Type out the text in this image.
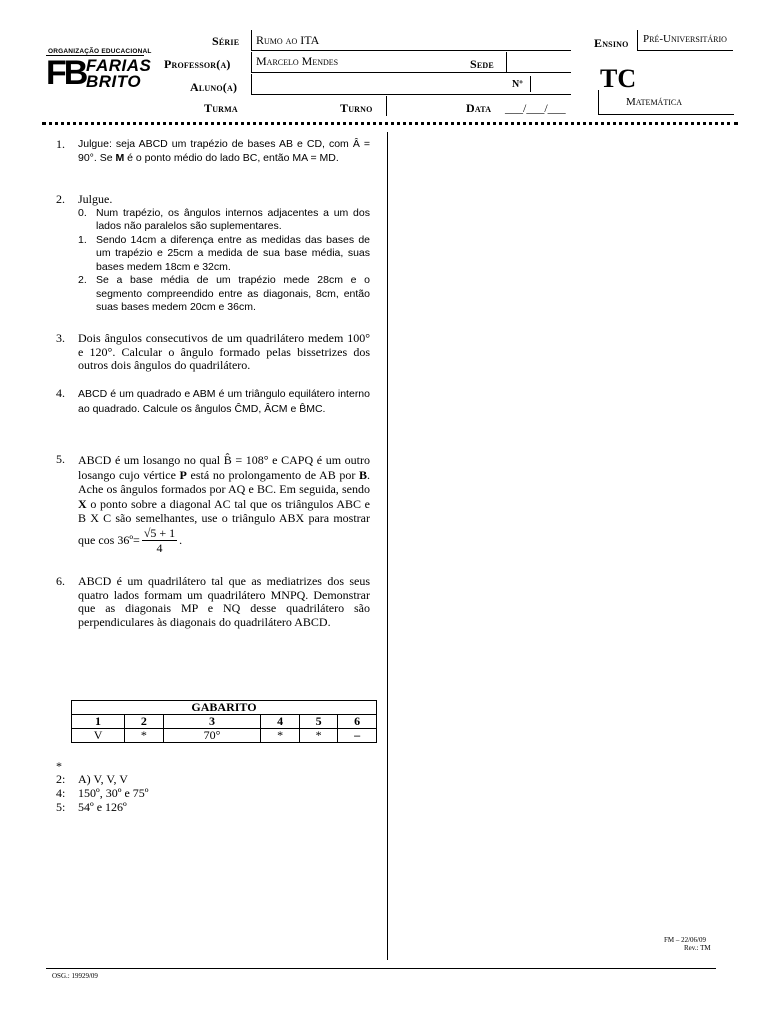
ORGANIZAÇÃO EDUCACIONAL
FB FARIAS
BRITO
Série Rumo ao ITA	Ensino Pré-Universitário
Professor(a) Marcelo Mendes	Sede
Aluno(a)	Nº
Turma	Turno	Data ___/___/___
TC
Matemática
1. Julgue: seja ABCD um trapézio de bases AB e CD, com Â = 90°. Se M é o ponto médio do lado BC, então MA = MD.
2. Julgue.
0. Num trapézio, os ângulos internos adjacentes a um dos lados não paralelos são suplementares.
1. Sendo 14cm a diferença entre as medidas das bases de um trapézio e 25cm a medida de sua base média, suas bases medem 18cm e 32cm.
2. Se a base média de um trapézio mede 28cm e o segmento compreendido entre as diagonais, 8cm, então suas bases medem 20cm e 36cm.
3. Dois ângulos consecutivos de um quadrilátero medem 100° e 120°. Calcular o ângulo formado pelas bissetrizes dos outros dois ângulos do quadrilátero.
4. ABCD é um quadrado e ABM é um triângulo equilátero interno ao quadrado. Calcule os ângulos ĈMD, ÂCM e B̂MC.
5. ABCD é um losango no qual B̂ = 108° e CAPQ é um outro losango cujo vértice P está no prolongamento de AB por B. Ache os ângulos formados por AQ e BC. Em seguida, sendo X o ponto sobre a diagonal AC tal que os triângulos ABC e B X C são semelhantes, use o triângulo ABX para mostrar que cos 36º= $\frac{√5 + 1}{4}$ .
6. ABCD é um quadrilátero tal que as mediatrizes dos seus quatro lados formam um quadrilátero MNPQ. Demonstrar que as diagonais MP e NQ desse quadrilátero são perpendiculares às diagonais do quadrilátero ABCD.
GABARITO					
1	2	3	4	5	6
V	*	70°	*	*	–
*
2: A) V, V, V
4: 150º, 30º e 75º
5: 54º e 126º
FM – 22/06/09
Rev.: TM
OSG.: 19929/09
